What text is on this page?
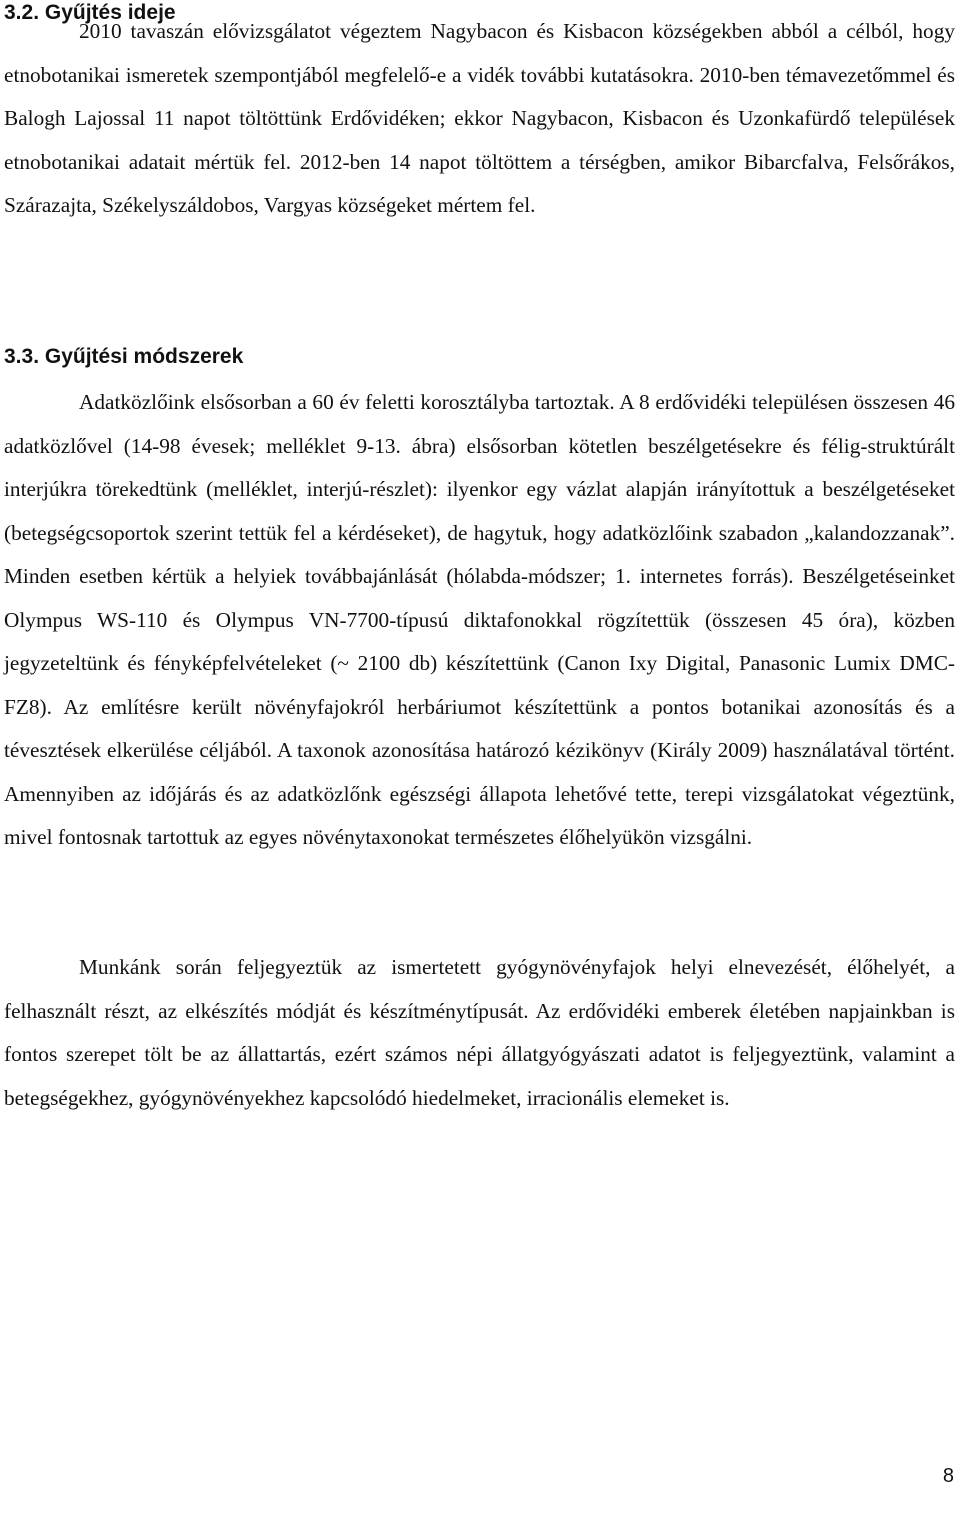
3.2. Gyűjtés ideje

2010 tavaszán elővizsgálatot végeztem Nagybacon és Kisbacon községekben abból a célból, hogy etnobotanikai ismeretek szempontjából megfelelő-e a vidék további kutatásokra. 2010-ben témavezetőmmel és Balogh Lajossal 11 napot töltöttünk Erdővidéken; ekkor Nagybacon, Kisbacon és Uzonkafürdő települések etnobotanikai adatait mértük fel. 2012-ben 14 napot töltöttem a térségben, amikor Bibarcfalva, Felsőrákos, Szárazajta, Székelyszáldobos, Vargyas községeket mértem fel.

3.3. Gyűjtési módszerek

Adatközlőink elsősorban a 60 év feletti korosztályba tartoztak. A 8 erdővidéki településen összesen 46 adatközlővel (14-98 évesek; melléklet 9-13. ábra) elsősorban kötetlen beszélgetésekre és félig-struktúrált interjúkra törekedtünk (melléklet, interjú-részlet): ilyenkor egy vázlat alapján irányítottuk a beszélgetéseket (betegségcsoportok szerint tettük fel a kérdéseket), de hagytuk, hogy adatközlőink szabadon „kalandozzanak”. Minden esetben kértük a helyiek továbbajánlását (hólabda-módszer; 1. internetes forrás). Beszélgetéseinket Olympus WS-110 és Olympus VN-7700-típusú diktafonokkal rögzítettük (összesen 45 óra), közben jegyzeteltünk és fényképfelvételeket (~ 2100 db) készítettünk (Canon Ixy Digital, Panasonic Lumix DMC-FZ8). Az említésre került növényfajokról herbáriumot készítettünk a pontos botanikai azonosítás és a tévesztések elkerülése céljából. A taxonok azonosítása határozó kézikönyv (Király 2009) használatával történt. Amennyiben az időjárás és az adatközlőnk egészségi állapota lehetővé tette, terepi vizsgálatokat végeztünk, mivel fontosnak tartottuk az egyes növénytaxonokat természetes élőhelyükön vizsgálni.

Munkánk során feljegyeztük az ismertetett gyógynövényfajok helyi elnevezését, élőhelyét, a felhasznált részt, az elkészítés módját és készítménytípusát. Az erdővidéki emberek életében napjainkban is fontos szerepet tölt be az állattartás, ezért számos népi állatgyógyászati adatot is feljegyeztünk, valamint a betegségekhez, gyógynövényekhez kapcsolódó hiedelmeket, irracionális elemeket is.

8
